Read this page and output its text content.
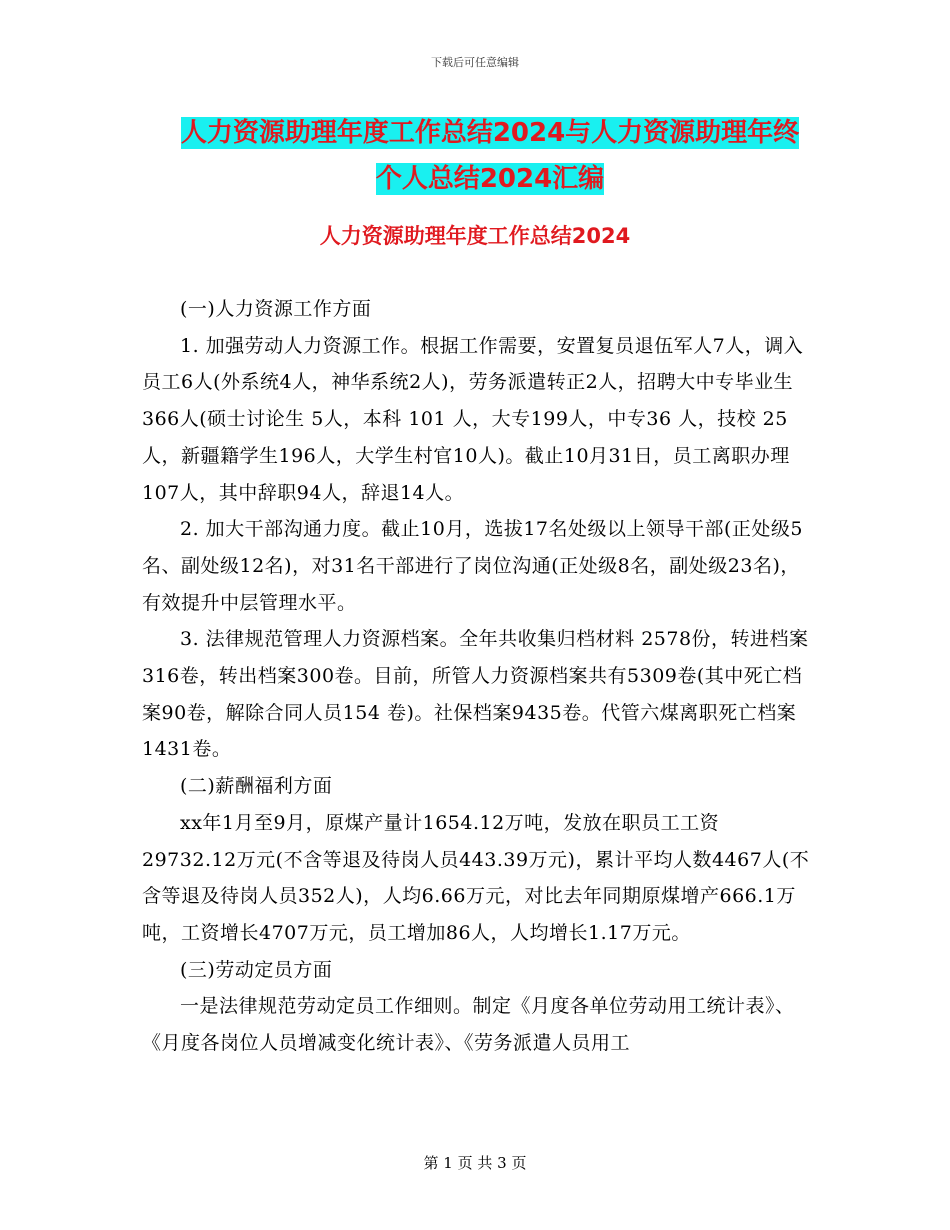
下载后可任意编辑
人力资源助理年度工作总结2024与人力资源助理年终
个人总结2024汇编
人力资源助理年度工作总结2024

(一)人力资源工作方面

1. 加强劳动人力资源工作。根据工作需要，安置复员退伍军人7人，调入员工6人(外系统4人，神华系统2人)，劳务派遣转正2人，招聘大中专毕业生366人(硕士讨论生 5人，本科 101 人，大专199人，中专36 人，技校 25 人，新疆籍学生196人，大学生村官10人)。截止10月31日，员工离职办理107人，其中辞职94人，辞退14人。

2. 加大干部沟通力度。截止10月，选拔17名处级以上领导干部(正处级5名、副处级12名)，对31名干部进行了岗位沟通(正处级8名，副处级23名)，有效提升中层管理水平。

3. 法律规范管理人力资源档案。全年共收集归档材料 2578份，转进档案316卷，转出档案300卷。目前，所管人力资源档案共有5309卷(其中死亡档案90卷，解除合同人员154 卷)。社保档案9435卷。代管六煤离职死亡档案1431卷。

(二)薪酬福利方面

xx年1月至9月，原煤产量计1654.12万吨，发放在职员工工资29732.12万元(不含等退及待岗人员443.39万元)，累计平均人数4467人(不含等退及待岗人员352人)，人均6.66万元，对比去年同期原煤增产666.1万吨，工资增长4707万元，员工增加86人，人均增长1.17万元。

(三)劳动定员方面

一是法律规范劳动定员工作细则。制定《月度各单位劳动用工统计表》、《月度各岗位人员增减变化统计表》、《劳务派遣人员用工

第 1 页 共 3 页
